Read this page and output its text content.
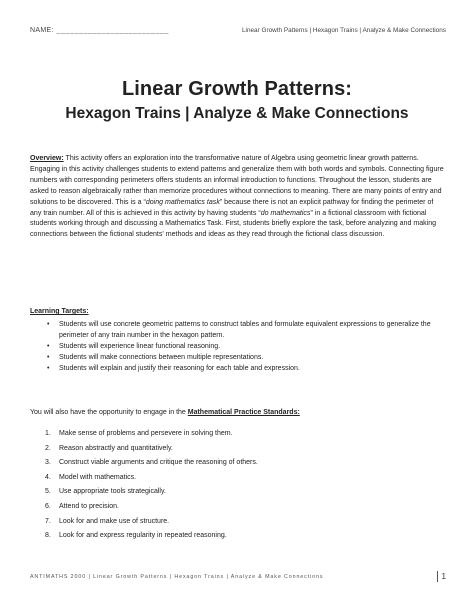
NAME: _________________________	Linear Growth Patterns | Hexagon Trains | Analyze & Make Connections
Linear Growth Patterns:
Hexagon Trains | Analyze & Make Connections

Overview: This activity offers an exploration into the transformative nature of Algebra using geometric linear growth patterns. Engaging in this activity challenges students to extend patterns and generalize them with both words and symbols. Connecting figure numbers with corresponding perimeters offers students an informal introduction to functions. Throughout the lesson, students are asked to reason algebraically rather than memorize procedures without connections to meaning. There are many points of entry and solutions to be discovered. This is a “doing mathematics task” because there is not an explicit pathway for finding the perimeter of any train number. All of this is achieved in this activity by having students “do mathematics” in a fictional classroom with fictional students working through and discussing a Mathematics Task. First, students briefly explore the task, before analyzing and making connections between the fictional students' methods and ideas as they read through the fictional class discussion.

Learning Targets:
• Students will use concrete geometric patterns to construct tables and formulate equivalent expressions to generalize the perimeter of any train number in the hexagon pattern.
• Students will experience linear functional reasoning.
• Students will make connections between multiple representations.
• Students will explain and justify their reasoning for each table and expression.
You will also have the opportunity to engage in the Mathematical Practice Standards:
1. Make sense of problems and persevere in solving them.
2. Reason abstractly and quantitatively.
3. Construct viable arguments and critique the reasoning of others.
4. Model with mathematics.
5. Use appropriate tools strategically.
6. Attend to precision.
7. Look for and make use of structure.
8. Look for and express regularity in repeated reasoning.
ANTIMATHS 2000 | Linear Growth Patterns | Hexagon Trains | Analyze & Make Connections	1
